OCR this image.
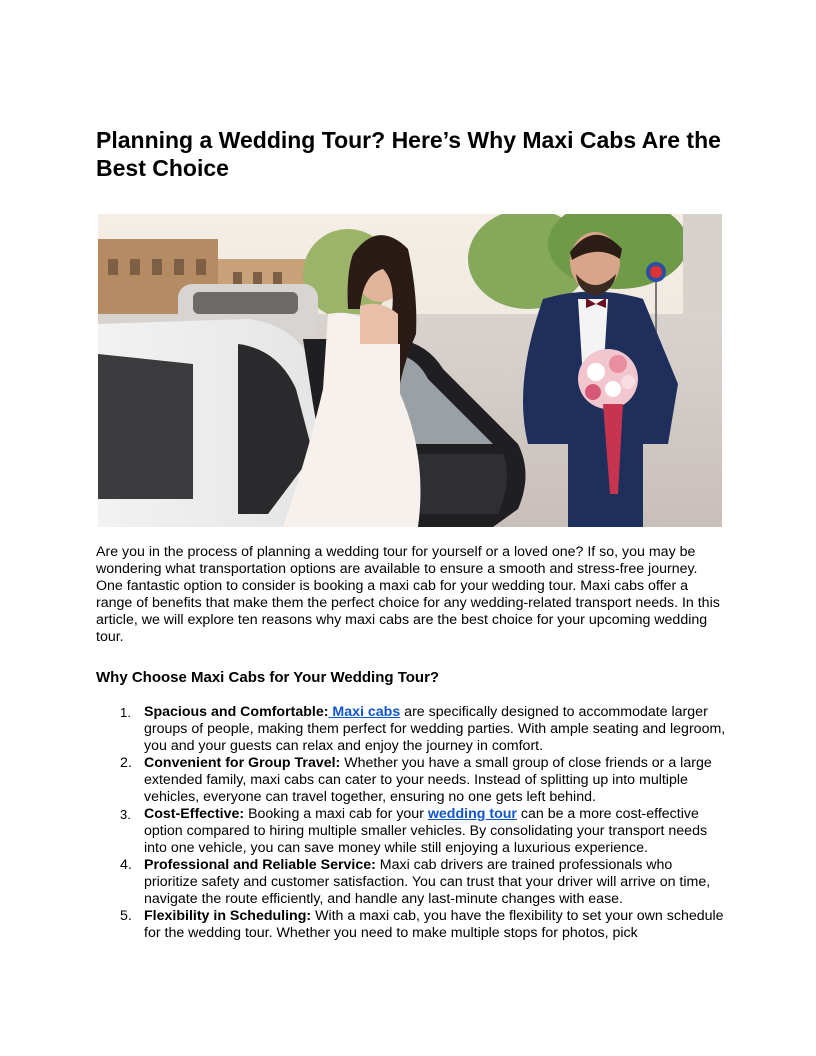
Planning a Wedding Tour? Here’s Why Maxi Cabs Are the Best Choice

Are you in the process of planning a wedding tour for yourself or a loved one? If so, you may be wondering what transportation options are available to ensure a smooth and stress-free journey. One fantastic option to consider is booking a maxi cab for your wedding tour. Maxi cabs offer a range of benefits that make them the perfect choice for any wedding-related transport needs. In this article, we will explore ten reasons why maxi cabs are the best choice for your upcoming wedding tour.

Why Choose Maxi Cabs for Your Wedding Tour?
1. Spacious and Comfortable: Maxi cabs are specifically designed to accommodate larger groups of people, making them perfect for wedding parties. With ample seating and legroom, you and your guests can relax and enjoy the journey in comfort.
2. Convenient for Group Travel: Whether you have a small group of close friends or a large extended family, maxi cabs can cater to your needs. Instead of splitting up into multiple vehicles, everyone can travel together, ensuring no one gets left behind.
3. Cost-Effective: Booking a maxi cab for your wedding tour can be a more cost-effective option compared to hiring multiple smaller vehicles. By consolidating your transport needs into one vehicle, you can save money while still enjoying a luxurious experience.
4. Professional and Reliable Service: Maxi cab drivers are trained professionals who prioritize safety and customer satisfaction. You can trust that your driver will arrive on time, navigate the route efficiently, and handle any last-minute changes with ease.
5. Flexibility in Scheduling: With a maxi cab, you have the flexibility to set your own schedule for the wedding tour. Whether you need to make multiple stops for photos, pick
